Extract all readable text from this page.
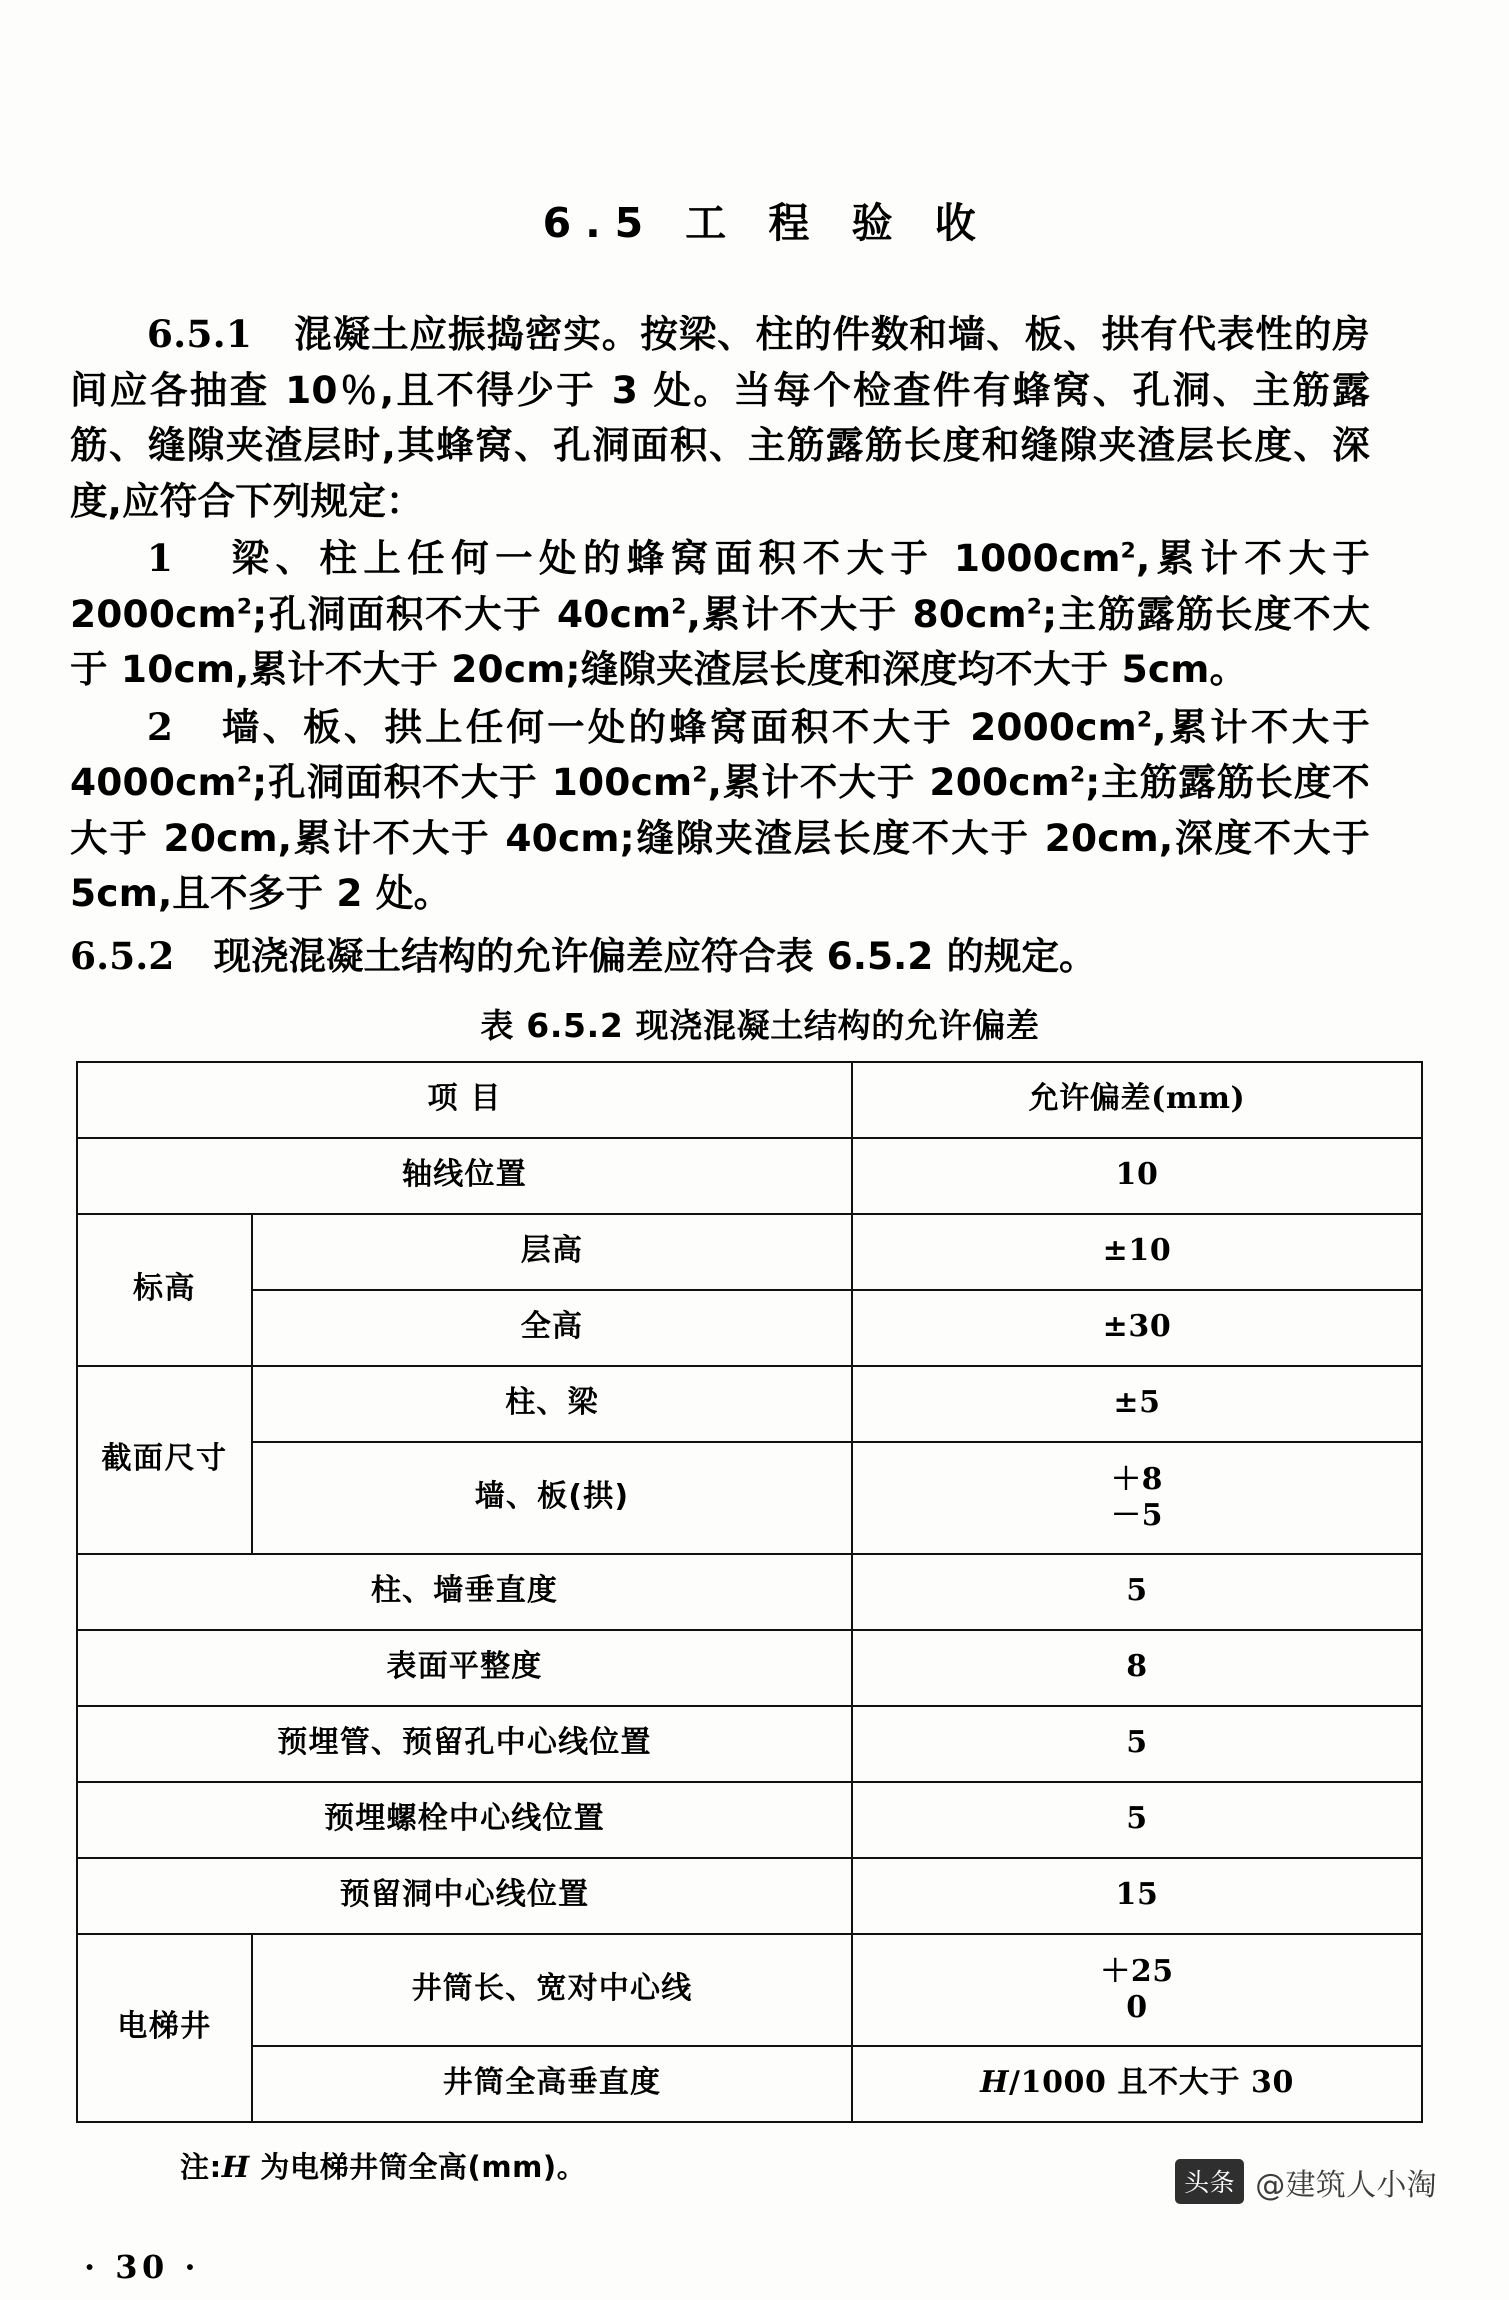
6.5 工 程 验 收

6.5.1 混凝土应振捣密实。按梁、柱的件数和墙、板、拱有代表性的房间应各抽查 10％,且不得少于 3 处。当每个检查件有蜂窝、孔洞、主筋露筋、缝隙夹渣层时,其蜂窝、孔洞面积、主筋露筋长度和缝隙夹渣层长度、深度,应符合下列规定：

1 梁、柱上任何一处的蜂窝面积不大于 $1000cm^2$,累计不大于 $2000cm^2$;孔洞面积不大于 $40cm^2$,累计不大于 $80cm^2$;主筋露筋长度不大于 10cm,累计不大于 20cm;缝隙夹渣层长度和深度均不大于 5cm。

2 墙、板、拱上任何一处的蜂窝面积不大于 $2000cm^2$,累计不大于 $4000cm^2$;孔洞面积不大于 $100cm^2$,累计不大于 $200cm^2$;主筋露筋长度不大于 20cm,累计不大于 40cm;缝隙夹渣层长度不大于 20cm,深度不大于 5cm,且不多于 2 处。

6.5.2 现浇混凝土结构的允许偏差应符合表 6.5.2 的规定。

表 6.5.2 现浇混凝土结构的允许偏差
项 目		允许偏差(mm)
轴线位置		10
标高	层高	±10
	全高	±30
截面尺寸	柱、梁	±5
	墙、板(拱)	＋8
－5

柱、墙垂直度		5
表面平整度		8
预埋管、预留孔中心线位置		5
预埋螺栓中心线位置		5
预留洞中心线位置		15
电梯井	井筒长、宽对中心线	＋25
0

	井筒全高垂直度	H/1000 且不大于 30
注:H 为电梯井筒全高(mm)。
· 30 ·
头条 @建筑人小淘
